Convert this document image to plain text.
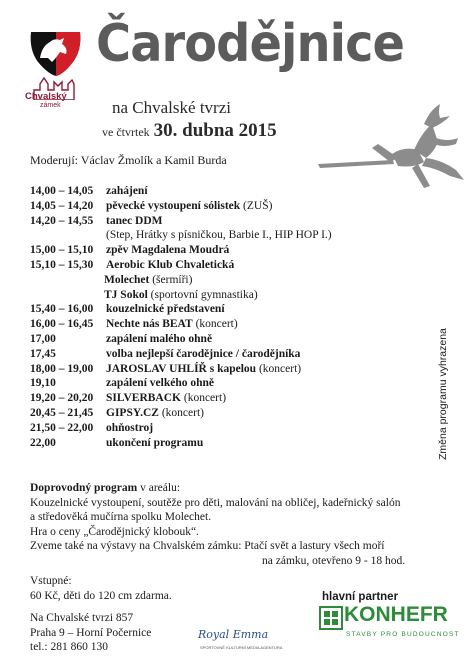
Chvalský
zámek
Čarodějnice
na Chvalské tvrzi
ve čtvrtek 30. dubna 2015
Moderují: Václav Žmolík a Kamil Burda
14,00 – 14,05 zahájení
14,05 – 14,20 pěvecké vystoupení sólistek (ZUŠ)
14,20 – 14,55 tanec DDM
(Step, Hrátky s písničkou, Barbie I., HIP HOP I.)
15,00 – 15,10 zpěv Magdalena Moudrá
15,10 – 15,30 Aerobic Klub Chvaletická
Molechet (šermíři)
TJ Sokol (sportovní gymnastika)
15,40 – 16,00 kouzelnické představení
16,00 – 16,45 Nechte nás BEAT (koncert)
17,00	zapálení malého ohně
17,45	volba nejlepší čarodějnice / čarodějníka
18,00 – 19,00 JAROSLAV UHLÍŘ s kapelou (koncert)
19,10	zapálení velkého ohně
19,20 – 20,20 SILVERBACK (koncert)
20,45 – 21,45 GIPSY.CZ (koncert)
21,50 – 22,00 ohňostroj
22,00	ukončení programu	Změna programu vyhrazena
Doprovodný program v areálu:
Kouzelnické vystoupení, soutěže pro děti, malování na obličej, kadeřnický salón
a středověká mučírna spolku Molechet.
Hra o ceny „Čarodějnický klobouk“.
Zveme také na výstavy na Chvalském zámku: Ptačí svět a lastury všech moří
na zámku, otevřeno 9 - 18 hod.
Vstupné:
60 Kč, děti do 120 cm zdarma.
Na Chvalské tvrzi 857
Praha 9 – Horní Počernice
tel.: 281 860 130
Royal Emma
SPORTOVNĚ KULTURNÍ MEDIA AGENTURA
hlavní partner
KONHEFR
STAVBY PRO BUDOUCNOST
